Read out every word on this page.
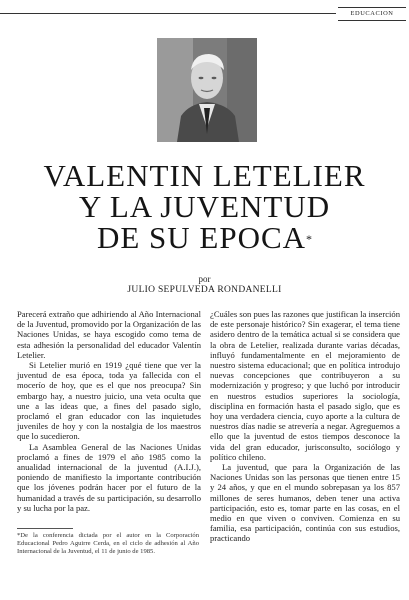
EDUCACION
VALENTIN LETELIER
Y LA JUVENTUD
DE SU EPOCA*
por
JULIO SEPULVEDA RONDANELLI

Parecerá extraño que adhiriendo al Año Internacional de la Juventud, promovido por la Organización de las Naciones Unidas, se haya escogido como tema de esta adhesión la personalidad del educador Valentín Letelier.

Si Letelier murió en 1919 ¿qué tiene que ver la juventud de esa época, toda ya fallecida con el mocerío de hoy, que es el que nos preocupa? Sin embargo hay, a nuestro juicio, una veta oculta que une a las ideas que, a fines del pasado siglo, proclamó el gran educador con las inquietudes juveniles de hoy y con la nostalgia de los maestros que lo sucedieron.

La Asamblea General de las Naciones Unidas proclamó a fines de 1979 el año 1985 como la anualidad internacional de la juventud (A.I.J.), poniendo de manifiesto la importante contribución que los jóvenes podrán hacer por el futuro de la humanidad a través de su participación, su desarrollo y su lucha por la paz.

*De la conferencia dictada por el autor en la Corporación Educacional Pedro Aguirre Cerda, en el ciclo de adhesión al Año Internacional de la Juventud, el 11 de junio de 1985.

¿Cuáles son pues las razones que justifican la inserción de este personaje histórico? Sin exagerar, el tema tiene asidero dentro de la temática actual si se considera que la obra de Letelier, realizada durante varias décadas, influyó fundamentalmente en el mejoramiento de nuestro sistema educacional; que en política introdujo nuevas concepciones que contribuyeron a su modernización y progreso; y que luchó por introducir en nuestros estudios superiores la sociología, disciplina en formación hasta el pasado siglo, que es hoy una verdadera ciencia, cuyo aporte a la cultura de nuestros días nadie se atrevería a negar. Agreguemos a ello que la juventud de estos tiempos desconoce la vida del gran educador, jurisconsulto, sociólogo y político chileno.

La juventud, que para la Organización de las Naciones Unidas son las personas que tienen entre 15 y 24 años, y que en el mundo sobrepasan ya los 857 millones de seres humanos, deben tener una activa participación, esto es, tomar parte en las cosas, en el medio en que viven o conviven. Comienza en su familia, esa participación, continúa con sus estudios, practicando
